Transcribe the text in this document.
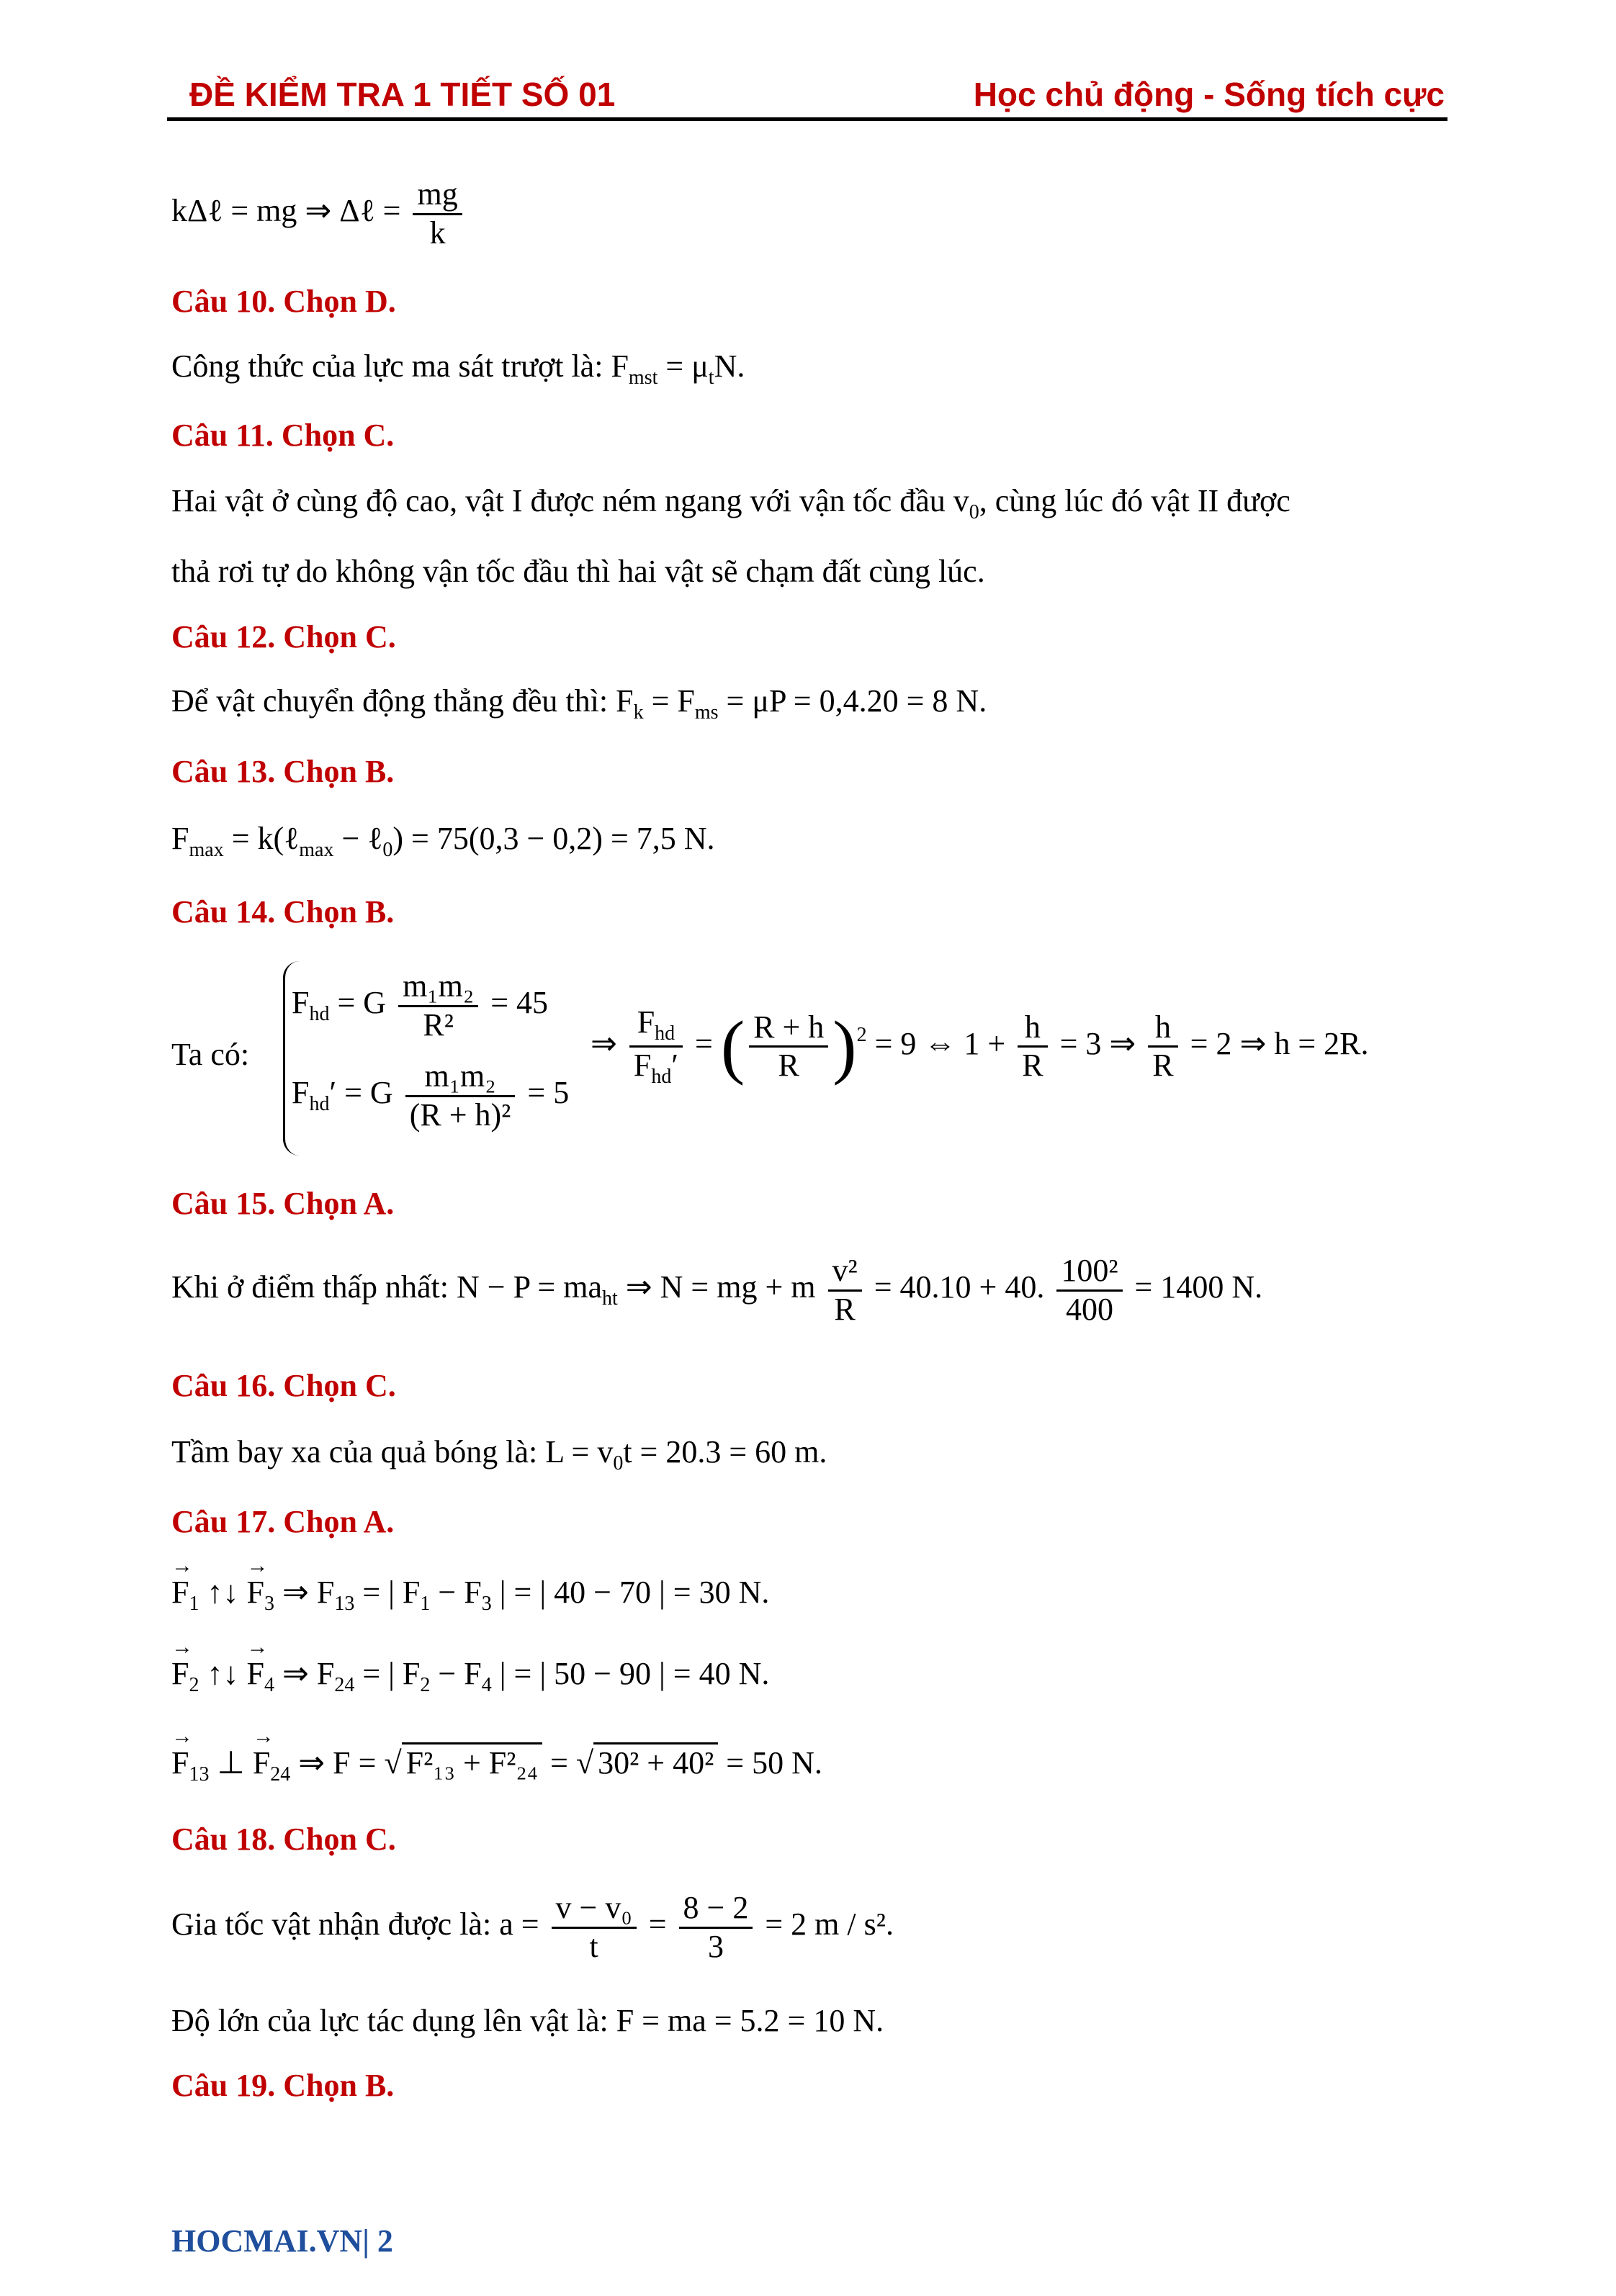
ĐỀ KIỂM TRA 1 TIẾT SỐ 01	Học chủ động - Sống tích cực
kΔℓ = mg ⇒ Δℓ = $\frac{mg}{k}$
Câu 10. Chọn D.
Công thức của lực ma sát trượt là: $F_{mst} = \mu_tN$.
Câu 11. Chọn C.
Hai vật ở cùng độ cao, vật I được ném ngang với vận tốc đầu $v_0$, cùng lúc đó vật II được
thả rơi tự do không vận tốc đầu thì hai vật sẽ chạm đất cùng lúc.
Câu 12. Chọn C.
Để vật chuyển động thẳng đều thì: $F_k = F_{ms} = \mu P = 0,4.20 = 8$ N.
Câu 13. Chọn B.
$F_{max}$ = k(ℓ$_{max}$ − ℓ$_0$) = 75(0,3 − 0,2) = 7,5 N.
Câu 14. Chọn B.
Ta có:
$F_{hd} = G \frac{\text{m₁m₂}}{\text{R²}} = 45$
$F_{hd}' = G \frac{\text{m₁m₂}}{\text{(R + h)²}} = 5$
⇒ $\frac{F_{hd}}{F_{hd}'}$ = ( $\frac{R + h}{R} )^2 = 9$ ⇔ $1 + \frac{h}{R} = 3$ ⇒ $\frac{h}{R} = 2$ ⇒ h = 2R.
Câu 15. Chọn A.
Khi ở điểm thấp nhất: $N - P = ma_{ht}$ ⇒ N = mg + m $\frac{\text{v²}}{R} = 40.10 + 40$. $\frac{\text{100²}}{400} = 1400$ N.
Câu 16. Chọn C.
Tầm bay xa của quả bóng là: $L = v_0t = 20.3 = 60$ m.
Câu 17. Chọn A.
→ $F_1$ ↑↓ → $F_3$ ⇒ $F_{13}$ = | $F_1 - F_3$ | = | 40 − 70 | = 30 N.
→ $F_2$ ↑↓ → $F_4$ ⇒ $F_{24}$ = | $F_2 - F_4$ | = | 50 − 90 | = 40 N.
→ $F_{13}$ ⊥ → $F_{24}$ ⇒ F = √ F²₁₃ + F²₂₄ = √ 30² + 40² = 50 N.
Câu 18. Chọn C.
Gia tốc vật nhận được là: $a = \frac{\text{v − v₀}}{t} = \frac{8 - 2}{3} = 2$ m / s².
Độ lớn của lực tác dụng lên vật là: F = ma = 5.2 = 10 N.
Câu 19. Chọn B.
HOCMAI.VN| 2
